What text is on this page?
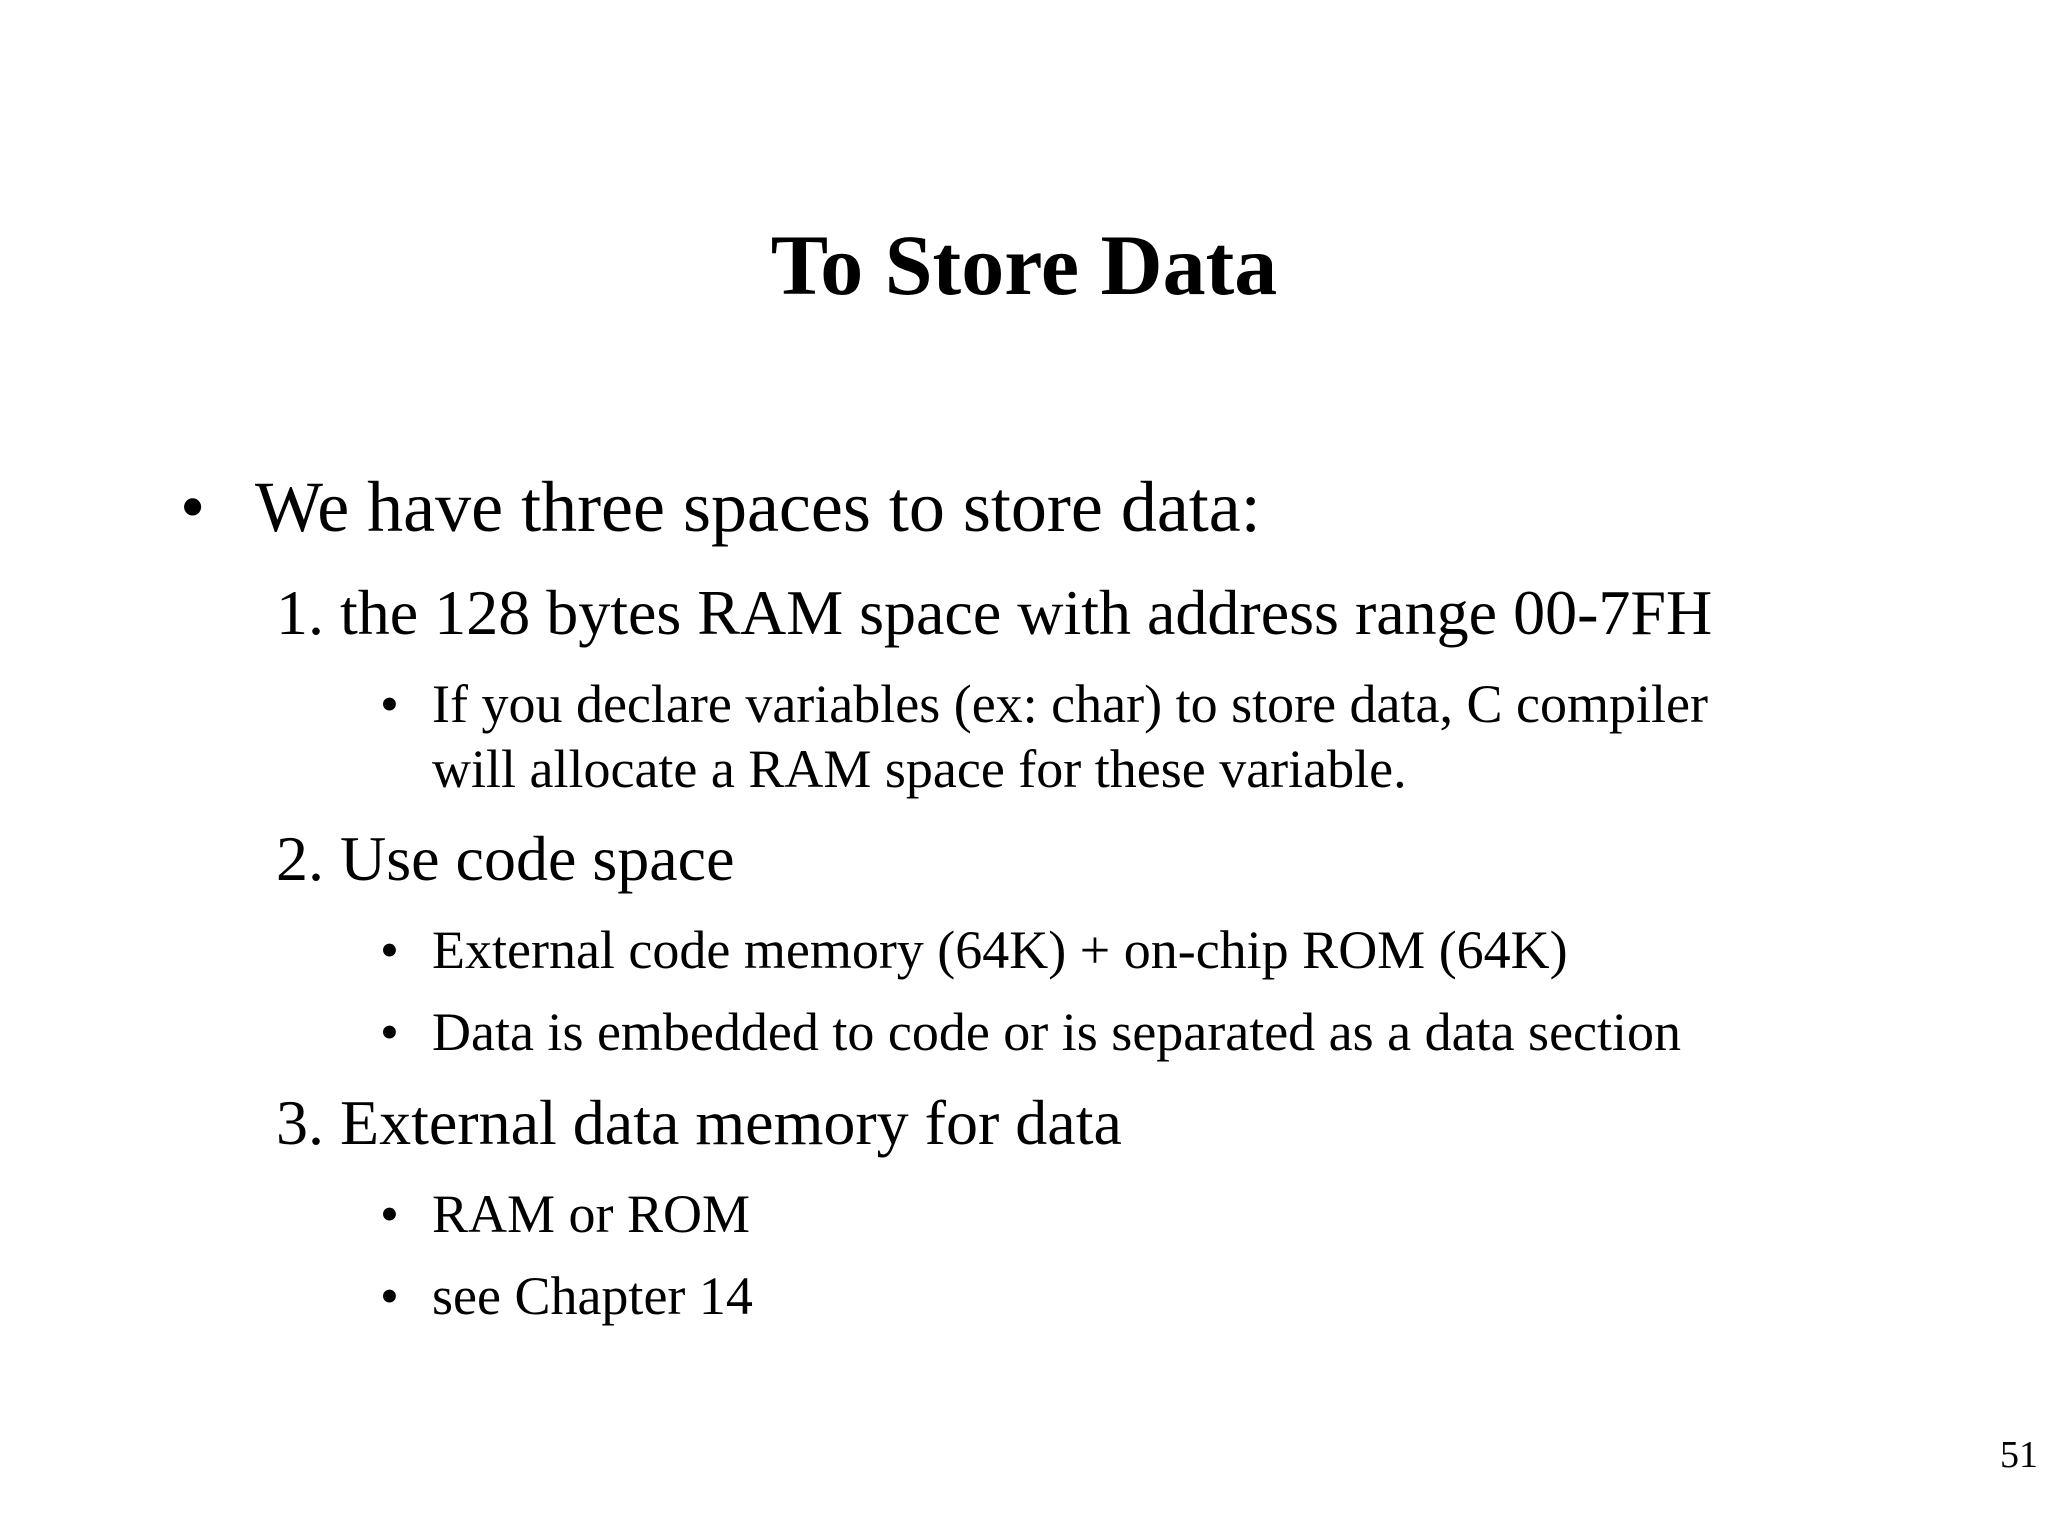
To Store Data
• We have three spaces to store data:
1. the 128 bytes RAM space with address range 00-7FH
• If you declare variables (ex: char) to store data, C compiler
will allocate a RAM space for these variable.
2. Use code space
• External code memory (64K) + on-chip ROM (64K)
• Data is embedded to code or is separated as a data section
3. External data memory for data
• RAM or ROM
• see Chapter 14
51
